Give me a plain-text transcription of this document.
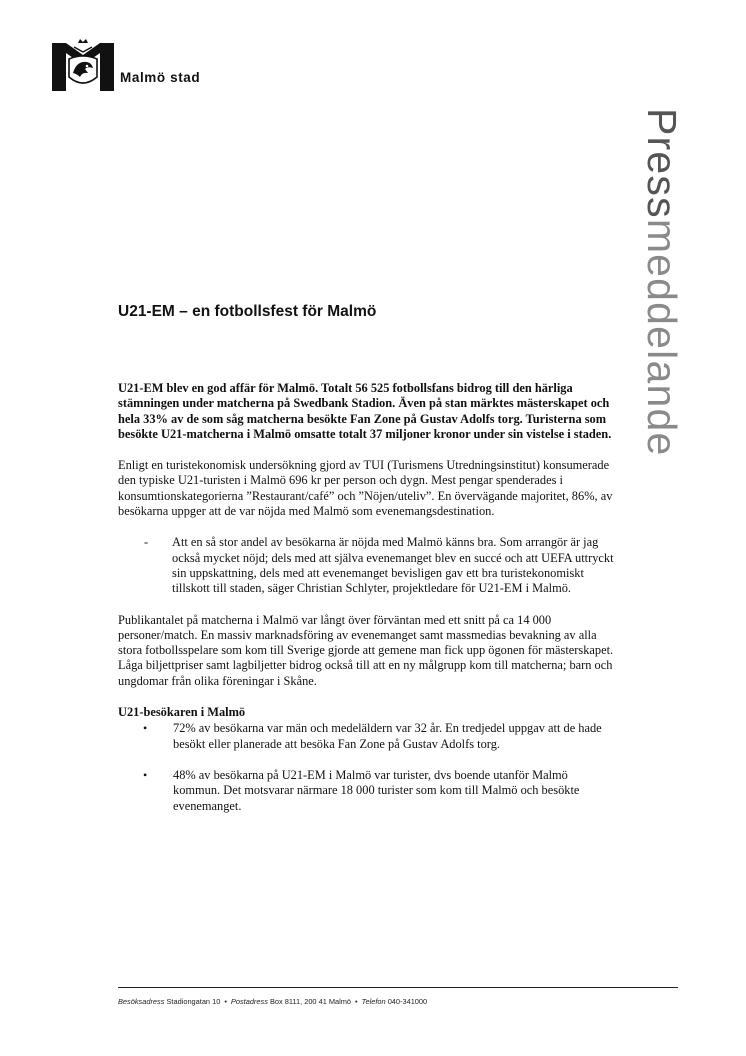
Malmö stad
Pressmeddelande
U21-EM – en fotbollsfest för Malmö

U21-EM blev en god affär för Malmö. Totalt 56 525 fotbollsfans bidrog till den härliga stämningen under matcherna på Swedbank Stadion. Även på stan märktes mästerskapet och hela 33% av de som såg matcherna besökte Fan Zone på Gustav Adolfs torg. Turisterna som besökte U21-matcherna i Malmö omsatte totalt 37 miljoner kronor under sin vistelse i staden.

Enligt en turistekonomisk undersökning gjord av TUI (Turismens Utredningsinstitut) konsumerade den typiske U21-turisten i Malmö 696 kr per person och dygn. Mest pengar spenderades i konsumtionskategorierna ”Restaurant/café” och ”Nöjen/uteliv”. En övervägande majoritet, 86%, av besökarna uppger att de var nöjda med Malmö som evenemangsdestination.

-	Att en så stor andel av besökarna är nöjda med Malmö känns bra. Som arrangör är jag också mycket nöjd; dels med att själva evenemanget blev en succé och att UEFA uttryckt sin uppskattning, dels med att evenemanget bevisligen gav ett bra turistekonomiskt tillskott till staden, säger Christian Schlyter, projektledare för U21-EM i Malmö.

Publikantalet på matcherna i Malmö var långt över förväntan med ett snitt på ca 14 000 personer/match. En massiv marknadsföring av evenemanget samt massmedias bevakning av alla stora fotbollsspelare som kom till Sverige gjorde att gemene man fick upp ögonen för mästerskapet. Låga biljettpriser samt lagbiljetter bidrog också till att en ny målgrupp kom till matcherna; barn och ungdomar från olika föreningar i Skåne.

U21-besökaren i Malmö

•	72% av besökarna var män och medeläldern var 32 år. En tredjedel uppgav att de hade besökt eller planerade att besöka Fan Zone på Gustav Adolfs torg.
•	48% av besökarna på U21-EM i Malmö var turister, dvs boende utanför Malmö kommun. Det motsvarar närmare 18 000 turister som kom till Malmö och besökte evenemanget.
Besöksadress Stadiongatan 10 • Postadress Box 8111, 200 41 Malmö • Telefon 040-341000
